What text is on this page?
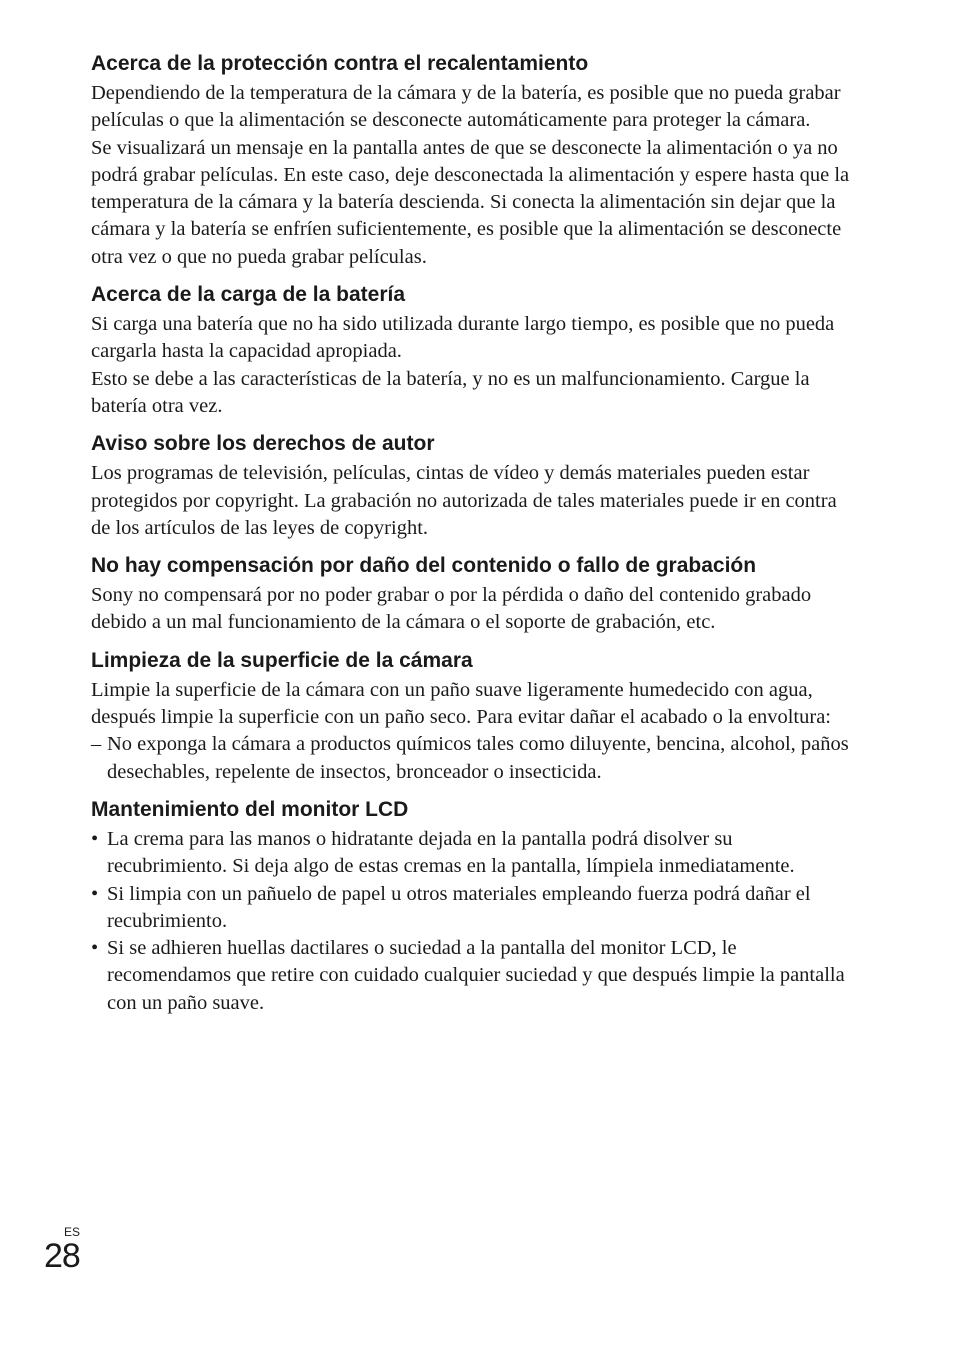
Acerca de la protección contra el recalentamiento

Dependiendo de la temperatura de la cámara y de la batería, es posible que no pueda grabar películas o que la alimentación se desconecte automáticamente para proteger la cámara.

Se visualizará un mensaje en la pantalla antes de que se desconecte la alimentación o ya no podrá grabar películas. En este caso, deje desconectada la alimentación y espere hasta que la temperatura de la cámara y la batería descienda. Si conecta la alimentación sin dejar que la cámara y la batería se enfríen suficientemente, es posible que la alimentación se desconecte otra vez o que no pueda grabar películas.

Acerca de la carga de la batería

Si carga una batería que no ha sido utilizada durante largo tiempo, es posible que no pueda cargarla hasta la capacidad apropiada.

Esto se debe a las características de la batería, y no es un malfuncionamiento. Cargue la batería otra vez.

Aviso sobre los derechos de autor

Los programas de televisión, películas, cintas de vídeo y demás materiales pueden estar protegidos por copyright. La grabación no autorizada de tales materiales puede ir en contra de los artículos de las leyes de copyright.

No hay compensación por daño del contenido o fallo de grabación

Sony no compensará por no poder grabar o por la pérdida o daño del contenido grabado debido a un mal funcionamiento de la cámara o el soporte de grabación, etc.

Limpieza de la superficie de la cámara

Limpie la superficie de la cámara con un paño suave ligeramente humedecido con agua, después limpie la superficie con un paño seco. Para evitar dañar el acabado o la envoltura:

– No exponga la cámara a productos químicos tales como diluyente, bencina, alcohol, paños desechables, repelente de insectos, bronceador o insecticida.
Mantenimiento del monitor LCD
• La crema para las manos o hidratante dejada en la pantalla podrá disolver su recubrimiento. Si deja algo de estas cremas en la pantalla, límpiela inmediatamente.
• Si limpia con un pañuelo de papel u otros materiales empleando fuerza podrá dañar el recubrimiento.
• Si se adhieren huellas dactilares o suciedad a la pantalla del monitor LCD, le recomendamos que retire con cuidado cualquier suciedad y que después limpie la pantalla con un paño suave.
ES
28
